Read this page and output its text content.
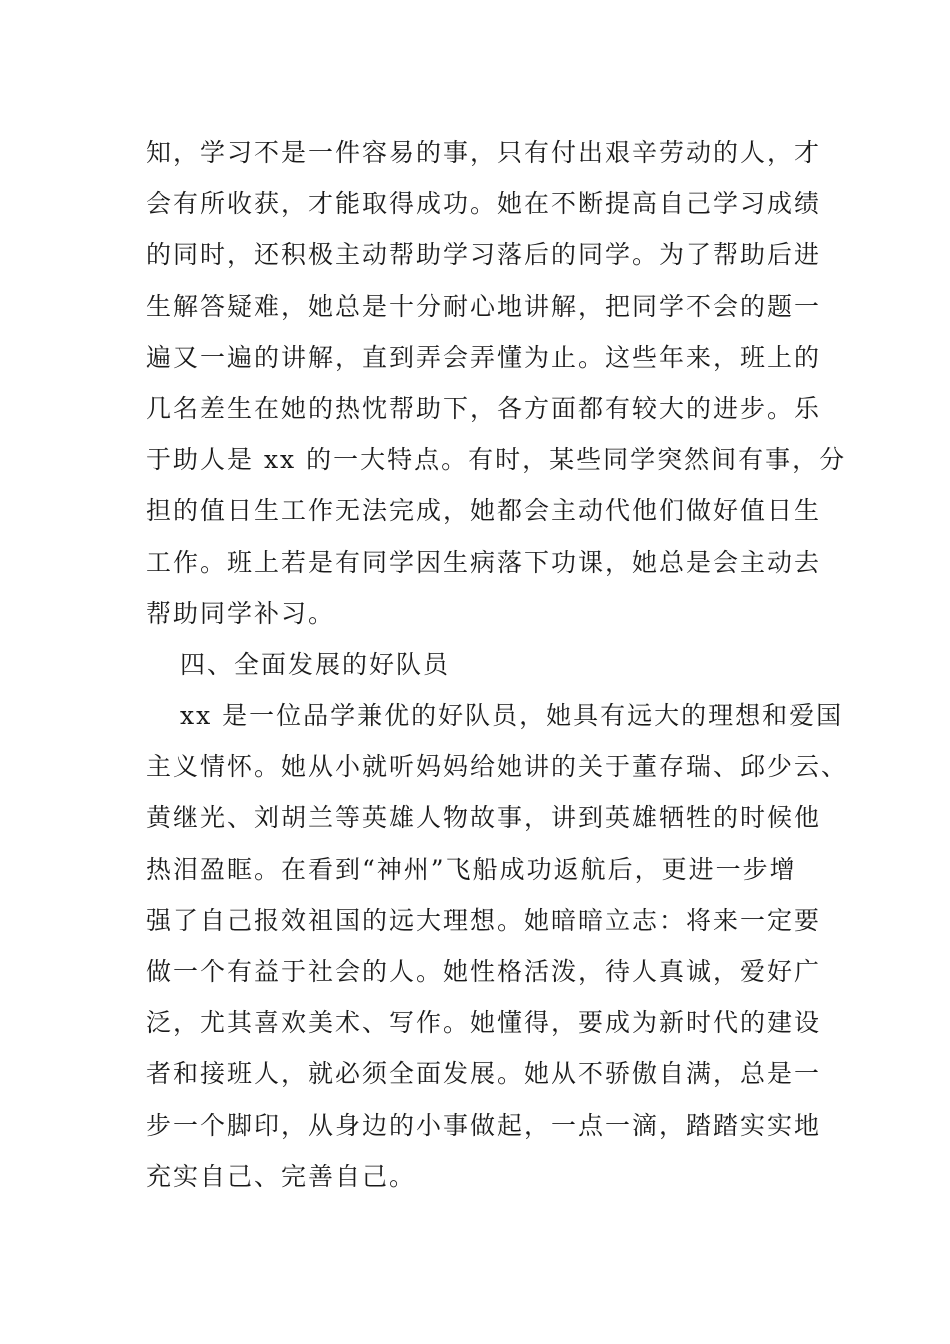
知，学习不是一件容易的事，只有付出艰辛劳动的人，才
会有所收获，才能取得成功。她在不断提高自己学习成绩
的同时，还积极主动帮助学习落后的同学。为了帮助后进
生解答疑难，她总是十分耐心地讲解，把同学不会的题一
遍又一遍的讲解，直到弄会弄懂为止。这些年来，班上的
几名差生在她的热忱帮助下，各方面都有较大的进步。乐
于助人是 xx 的一大特点。有时，某些同学突然间有事，分
担的值日生工作无法完成，她都会主动代他们做好值日生
工作。班上若是有同学因生病落下功课，她总是会主动去
帮助同学补习。
四、全面发展的好队员
xx 是一位品学兼优的好队员，她具有远大的理想和爱国
主义情怀。她从小就听妈妈给她讲的关于董存瑞、邱少云、
黄继光、刘胡兰等英雄人物故事，讲到英雄牺牲的时候他
热泪盈眶。在看到“神州”飞船成功返航后，更进一步增
强了自己报效祖国的远大理想。她暗暗立志：将来一定要
做一个有益于社会的人。她性格活泼，待人真诚，爱好广
泛，尤其喜欢美术、写作。她懂得，要成为新时代的建设
者和接班人，就必须全面发展。她从不骄傲自满，总是一
步一个脚印，从身边的小事做起，一点一滴，踏踏实实地
充实自己、完善自己。
